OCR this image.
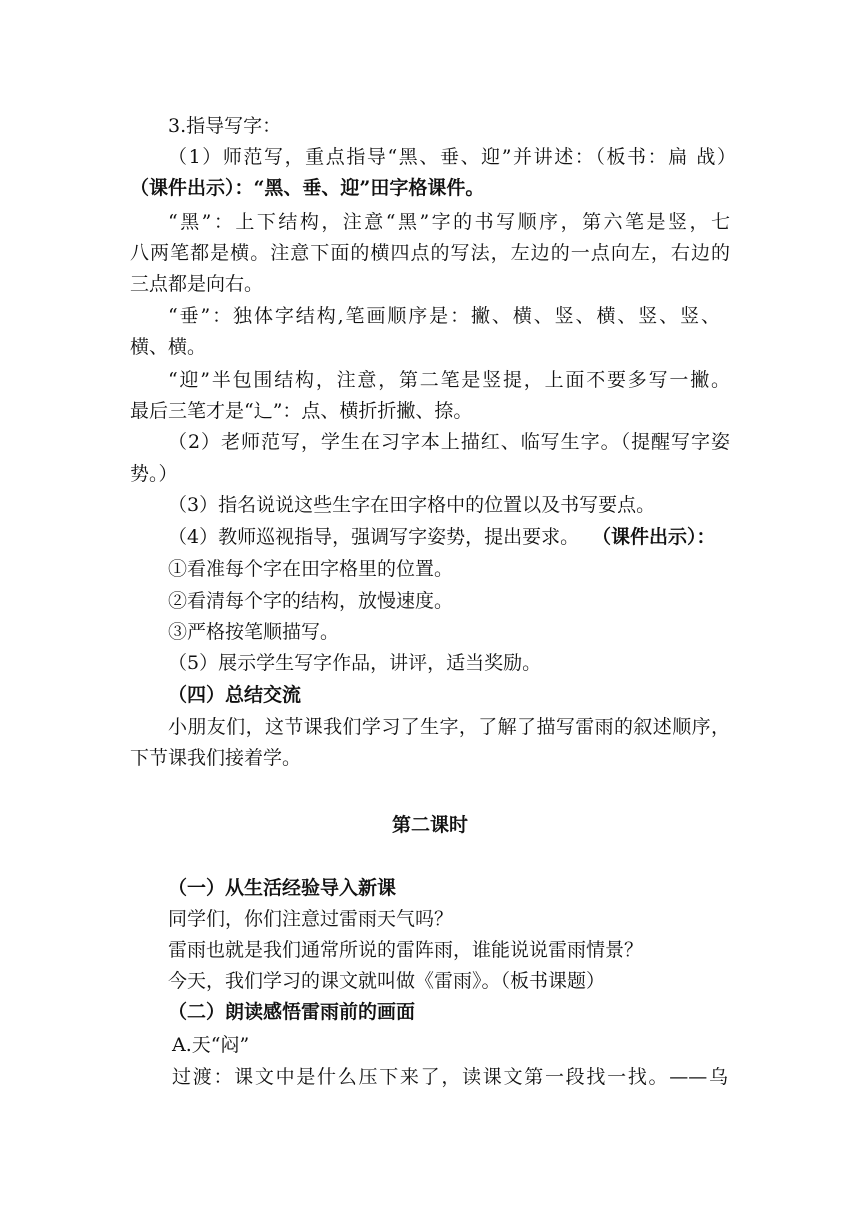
3.指导写字：
（1）师范写，重点指导“黑、垂、迎”并讲述：（板书：扁 战）
（课件出示）：“黑、垂、迎”田字格课件。
“黑”：上下结构，注意“黑”字的书写顺序，第六笔是竖，七
八两笔都是横。注意下面的横四点的写法，左边的一点向左，右边的
三点都是向右。
“垂”：独体字结构,笔画顺序是：撇、横、竖、横、竖、竖、
横、横。
“迎”半包围结构，注意，第二笔是竖提，上面不要多写一撇。
最后三笔才是“辶”：点、横折折撇、捺。
（2）老师范写，学生在习字本上描红、临写生字。（提醒写字姿
势。）
（3）指名说说这些生字在田字格中的位置以及书写要点。
（4）教师巡视指导，强调写字姿势，提出要求。 （课件出示）：
①看准每个字在田字格里的位置。
②看清每个字的结构，放慢速度。
③严格按笔顺描写。
（5）展示学生写字作品，讲评，适当奖励。
（四）总结交流
小朋友们，这节课我们学习了生字，了解了描写雷雨的叙述顺序，
下节课我们接着学。
第二课时
（一）从生活经验导入新课
同学们，你们注意过雷雨天气吗？
雷雨也就是我们通常所说的雷阵雨，谁能说说雷雨情景？
今天，我们学习的课文就叫做《雷雨》。（板书课题）
（二）朗读感悟雷雨前的画面
A.天“闷”
过渡：课文中是什么压下来了，读课文第一段找一找。——乌
